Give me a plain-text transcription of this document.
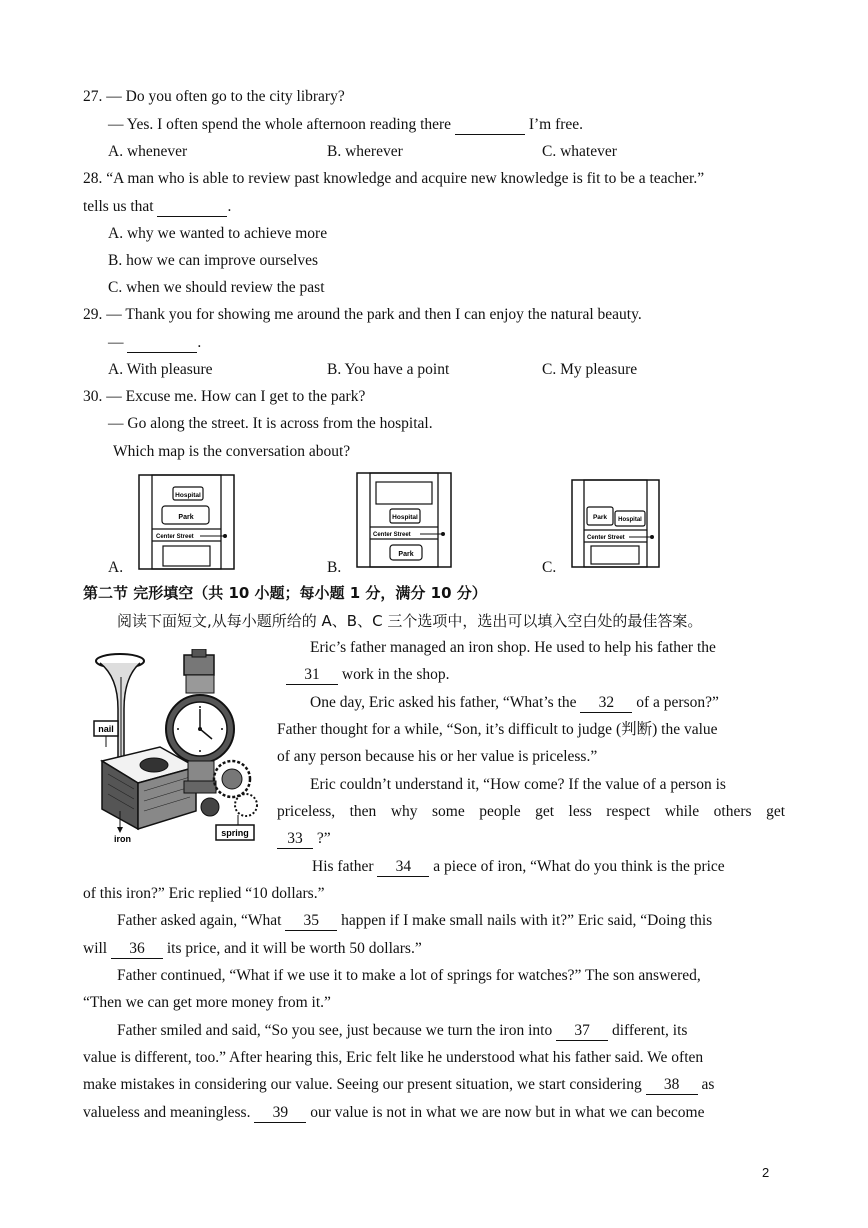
27. — Do you often go to the city library?
— Yes. I often spend the whole afternoon reading there	I’m free.
A. whenever	B. wherever	C. whatever
28. “A man who is able to review past knowledge and acquire new knowledge is fit to be a teacher.”
tells us that	.
A. why we wanted to achieve more
B. how we can improve ourselves
C. when we should review the past
29. — Thank you for showing me around the park and then I can enjoy the natural beauty.
—	.
A. With pleasure	B. You have a point	C. My pleasure
30. — Excuse me. How can I get to the park?
— Go along the street. It is across from the hospital.
Which map is the conversation about?
A.
Hospital
Park
Center Street
B.
Hospital
Center Street
Park
C.
Park Hospital
Center Street
第二节 完形填空（共 10 小题；每小题 1 分，满分 10 分）
阅读下面短文,从每小题所给的 A、B、C 三个选项中，选出可以填入空白处的最佳答案。
nail
iron
spring
Eric’s father managed an iron shop. He used to help his father the
31 work in the shop.
One day, Eric asked his father, “What’s the 32 of a person?”
Father thought for a while, “Son, it’s difficult to judge (判断) the value
of any person because his or her value is priceless.”
Eric couldn’t understand it, “How come? If the value of a person is
priceless, then why some people get less respect while others get
33 ?”
His father 34 a piece of iron, “What do you think is the price
of this iron?” Eric replied “10 dollars.”
Father asked again, “What 35 happen if I make small nails with it?” Eric said, “Doing this
will 36 its price, and it will be worth 50 dollars.”
Father continued, “What if we use it to make a lot of springs for watches?” The son answered,
“Then we can get more money from it.”
Father smiled and said, “So you see, just because we turn the iron into 37 different, its
value is different, too.” After hearing this, Eric felt like he understood what his father said. We often
make mistakes in considering our value. Seeing our present situation, we start considering 38 as
valueless and meaningless. 39 our value is not in what we are now but in what we can become
2
